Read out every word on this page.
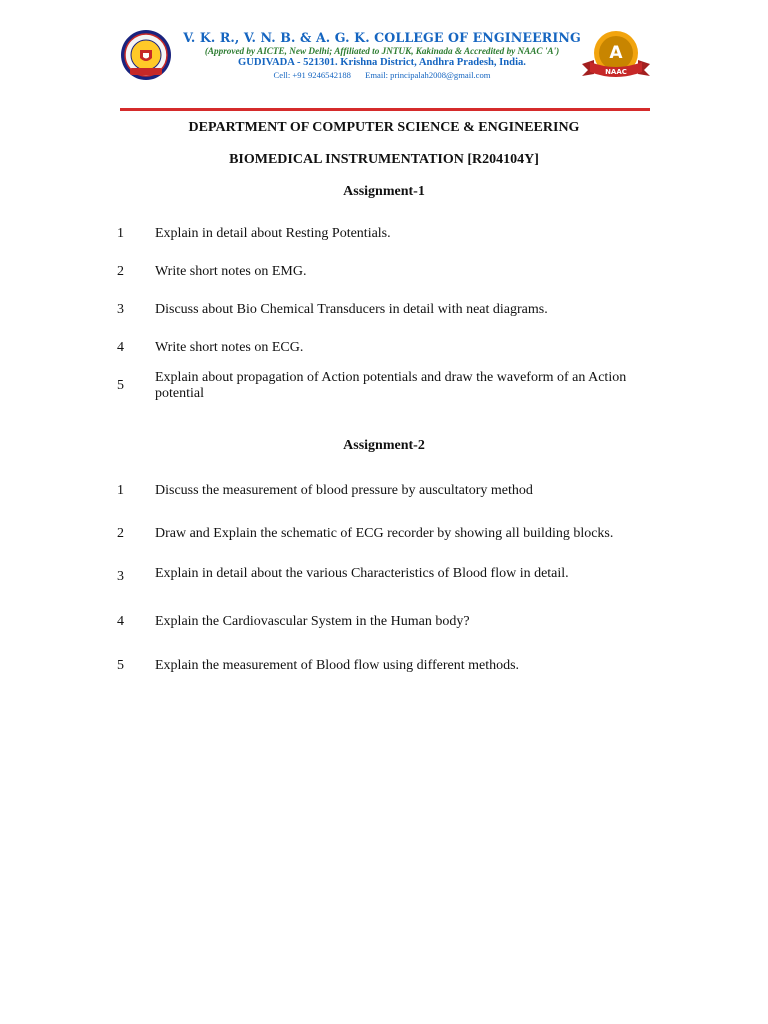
V. K. R., V. N. B. & A. G. K. COLLEGE OF ENGINEERING
(Approved by AICTE, New Delhi; Affiliated to JNTUK, Kakinada & Accredited by NAAC 'A')
GUDIVADA - 521301. Krishna District, Andhra Pradesh, India.
Cell: +91 9246542188 Email: principalah2008@gmail.com
A
NAAC
DEPARTMENT OF COMPUTER SCIENCE & ENGINEERING
BIOMEDICAL INSTRUMENTATION [R204104Y]
Assignment-1
1 Explain in detail about Resting Potentials.
2 Write short notes on EMG.
3 Discuss about Bio Chemical Transducers in detail with neat diagrams.
4 Write short notes on ECG.
5
Explain about propagation of Action potentials and draw the waveform of an Action potential
Assignment-2
1 Discuss the measurement of blood pressure by auscultatory method
2 Draw and Explain the schematic of ECG recorder by showing all building blocks.
3 Explain in detail about the various Characteristics of Blood flow in detail.
4 Explain the Cardiovascular System in the Human body?
5 Explain the measurement of Blood flow using different methods.
